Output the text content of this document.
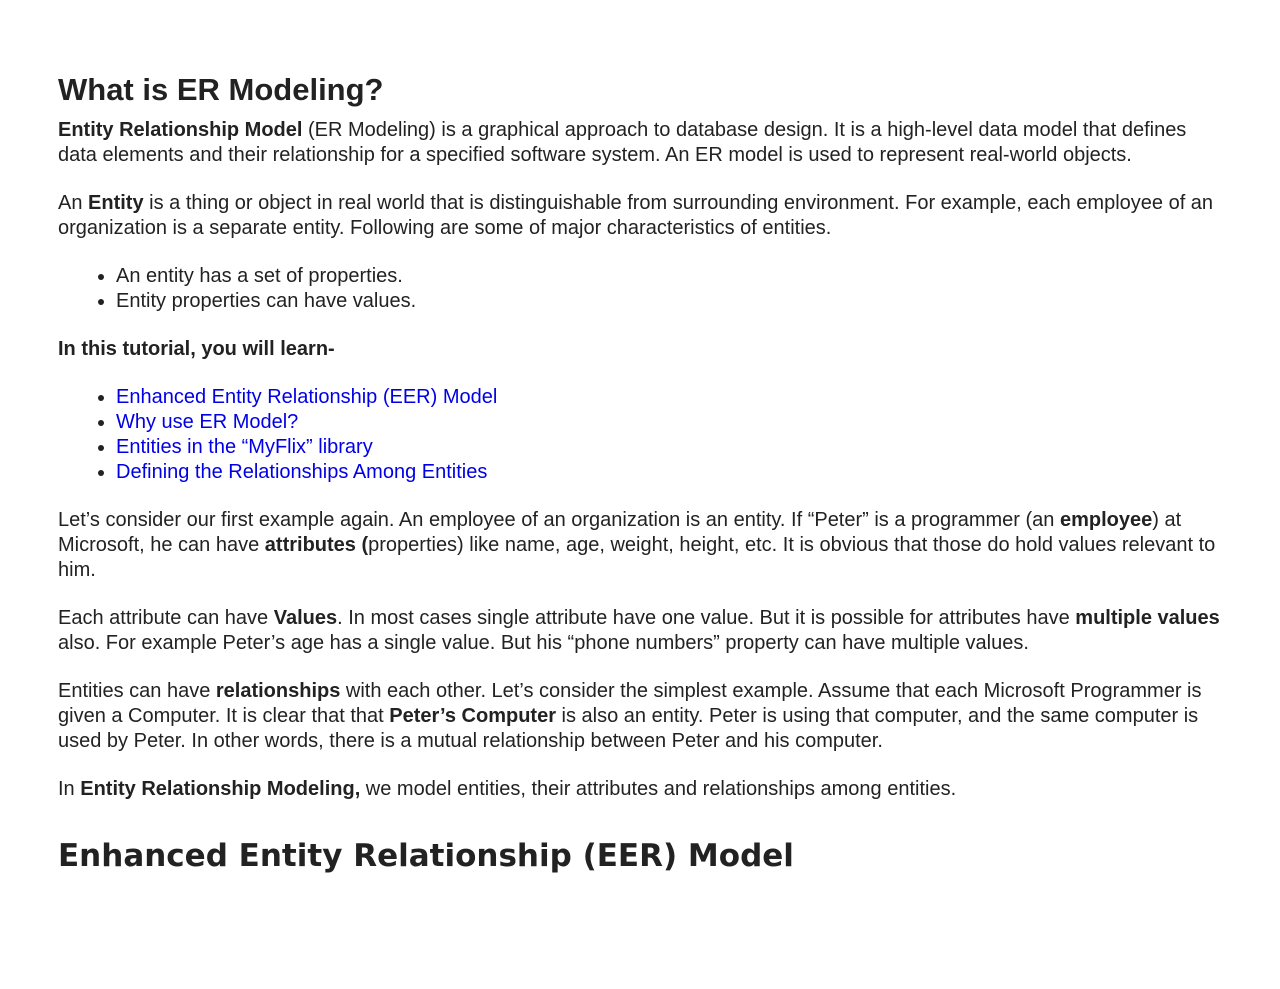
What is ER Modeling?

Entity Relationship Model (ER Modeling) is a graphical approach to database design. It is a high-level data model that defines data elements and their relationship for a specified software system. An ER model is used to represent real-world objects.

An Entity is a thing or object in real world that is distinguishable from surrounding environment. For example, each employee of an organization is a separate entity. Following are some of major characteristics of entities.

• An entity has a set of properties.
• Entity properties can have values.

In this tutorial, you will learn-

• Enhanced Entity Relationship (EER) Model
• Why use ER Model?
• Entities in the “MyFlix” library
• Defining the Relationships Among Entities

Let’s consider our first example again. An employee of an organization is an entity. If “Peter” is a programmer (an employee) at Microsoft, he can have attributes (properties) like name, age, weight, height, etc. It is obvious that those do hold values relevant to him.

Each attribute can have Values. In most cases single attribute have one value. But it is possible for attributes have multiple values also. For example Peter’s age has a single value. But his “phone numbers” property can have multiple values.

Entities can have relationships with each other. Let’s consider the simplest example. Assume that each Microsoft Programmer is given a Computer. It is clear that that Peter’s Computer is also an entity. Peter is using that computer, and the same computer is used by Peter. In other words, there is a mutual relationship between Peter and his computer.

In Entity Relationship Modeling, we model entities, their attributes and relationships among entities.

Enhanced Entity Relationship (EER) Model
